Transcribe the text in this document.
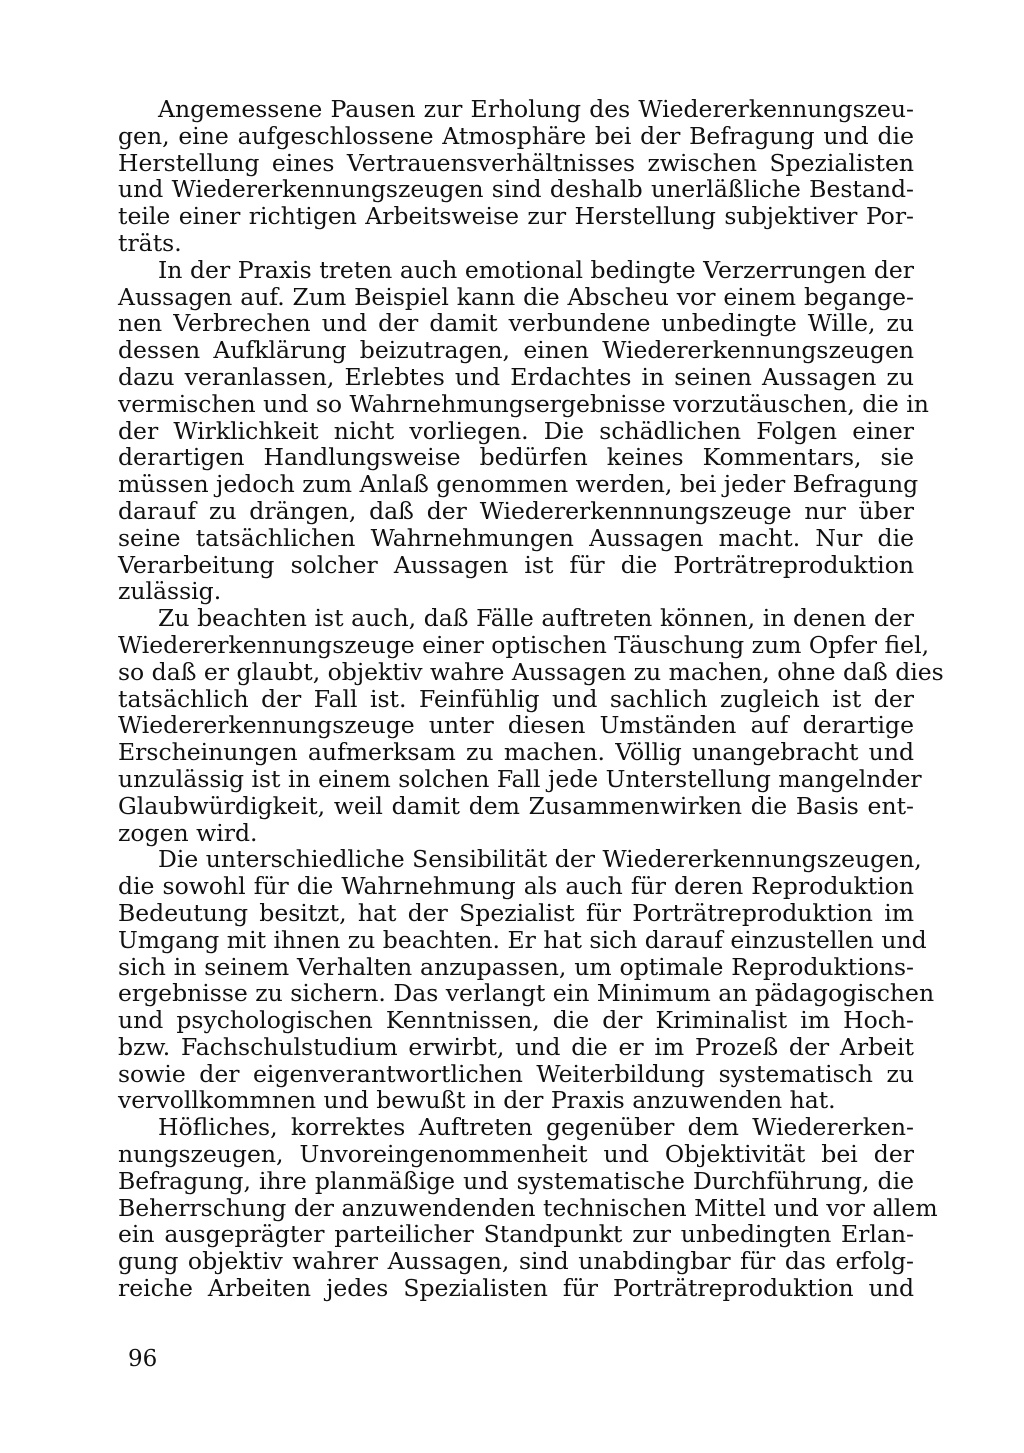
Angemessene Pausen zur Erholung des Wiedererkennungszeu-
gen, eine aufgeschlossene Atmosphäre bei der Befragung und die
Herstellung eines Vertrauensverhältnisses zwischen Spezialisten
und Wiedererkennungszeugen sind deshalb unerläßliche Bestand-
teile einer richtigen Arbeitsweise zur Herstellung subjektiver Por-
träts.
In der Praxis treten auch emotional bedingte Verzerrungen der
Aussagen auf. Zum Beispiel kann die Abscheu vor einem begange-
nen Verbrechen und der damit verbundene unbedingte Wille, zu
dessen Aufklärung beizutragen, einen Wiedererkennungszeugen
dazu veranlassen, Erlebtes und Erdachtes in seinen Aussagen zu
vermischen und so Wahrnehmungsergebnisse vorzutäuschen, die in
der Wirklichkeit nicht vorliegen. Die schädlichen Folgen einer
derartigen Handlungsweise bedürfen keines Kommentars, sie
müssen jedoch zum Anlaß genommen werden, bei jeder Befragung
darauf zu drängen, daß der Wiedererkennnungszeuge nur über
seine tatsächlichen Wahrnehmungen Aussagen macht. Nur die
Verarbeitung solcher Aussagen ist für die Porträtreproduktion
zulässig.
Zu beachten ist auch, daß Fälle auftreten können, in denen der
Wiedererkennungszeuge einer optischen Täuschung zum Opfer fiel,
so daß er glaubt, objektiv wahre Aussagen zu machen, ohne daß dies
tatsächlich der Fall ist. Feinfühlig und sachlich zugleich ist der
Wiedererkennungszeuge unter diesen Umständen auf derartige
Erscheinungen aufmerksam zu machen. Völlig unangebracht und
unzulässig ist in einem solchen Fall jede Unterstellung mangelnder
Glaubwürdigkeit, weil damit dem Zusammenwirken die Basis ent-
zogen wird.
Die unterschiedliche Sensibilität der Wiedererkennungszeugen,
die sowohl für die Wahrnehmung als auch für deren Reproduktion
Bedeutung besitzt, hat der Spezialist für Porträtreproduktion im
Umgang mit ihnen zu beachten. Er hat sich darauf einzustellen und
sich in seinem Verhalten anzupassen, um optimale Reproduktions-
ergebnisse zu sichern. Das verlangt ein Minimum an pädagogischen
und psychologischen Kenntnissen, die der Kriminalist im Hoch-
bzw. Fachschulstudium erwirbt, und die er im Prozeß der Arbeit
sowie der eigenverantwortlichen Weiterbildung systematisch zu
vervollkommnen und bewußt in der Praxis anzuwenden hat.
Höfliches, korrektes Auftreten gegenüber dem Wiedererken-
nungszeugen, Unvoreingenommenheit und Objektivität bei der
Befragung, ihre planmäßige und systematische Durchführung, die
Beherrschung der anzuwendenden technischen Mittel und vor allem
ein ausgeprägter parteilicher Standpunkt zur unbedingten Erlan-
gung objektiv wahrer Aussagen, sind unabdingbar für das erfolg-
reiche Arbeiten jedes Spezialisten für Porträtreproduktion und
96
